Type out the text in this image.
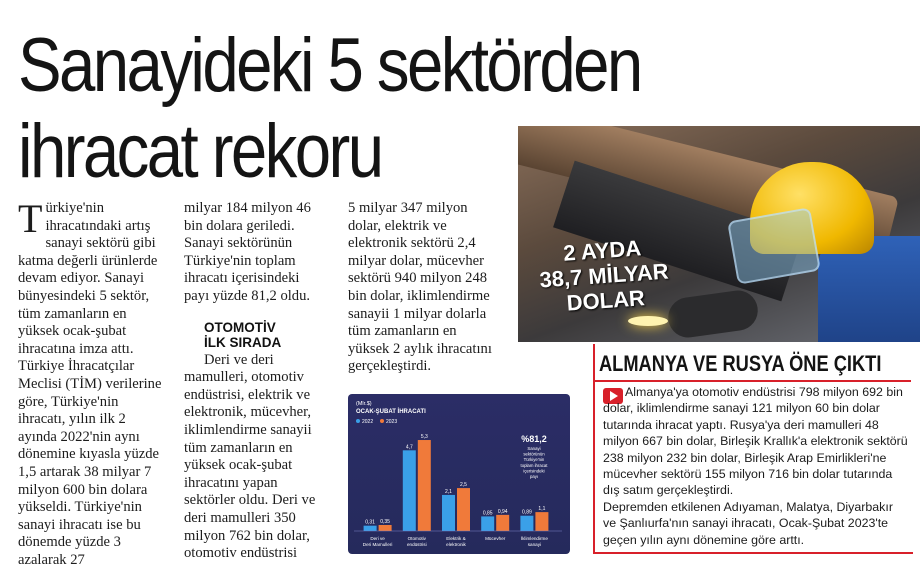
Sanayideki 5 sektörden
ihracat rekoru

Türkiye'nin ihracatındaki artış sanayi sektörü gibi katma değerli ürünlerde devam ediyor. Sanayi bünyesindeki 5 sektör, tüm zamanların en yüksek ocak-şubat ihracatına imza attı. Türkiye İhracatçılar Meclisi (TİM) verilerine göre, Türkiye'nin ihracatı, yılın ilk 2 ayında 2022'nin aynı dönemine kıyasla yüzde 1,5 artarak 38 milyar 7 milyon 600 bin dolara yükseldi. Türkiye'nin sanayi ihracatı ise bu dönemde yüzde 3 azalarak 27

milyar 184 milyon 46 bin dolara geriledi. Sanayi sektörünün Türkiye'nin toplam ihracatı içerisindeki payı yüzde 81,2 oldu.

OTOMOTİV
İLK SIRADA

Deri ve deri mamulleri, otomotiv endüstrisi, elektrik ve elektronik, mücevher, iklimlendirme sanayii tüm zamanların en yüksek ocak-şubat ihracatını yapan sektörler oldu. Deri ve deri mamulleri 350 milyon 762 bin dolar, otomotiv endüstrisi

5 milyar 347 milyon dolar, elektrik ve elektronik sektörü 2,4 milyar dolar, mücevher sektörü 940 milyon 248 bin dolar, iklimlendirme sanayii 1 milyar dolarla tüm zamanların en yüksek 2 aylık ihracatını gerçekleştirdi.

2 AYDA
38,7 MİLYAR
DOLAR
ALMANYA VE RUSYA ÖNE ÇIKTI

Almanya'ya otomotiv endüstrisi 798 milyon 692 bin dolar, iklimlendirme sanayi 121 milyon 60 bin dolar tutarında ihracat yaptı. Rusya'ya deri mamulleri 48 milyon 667 bin dolar, Birleşik Krallık'a elektronik sektörü 238 milyon 232 bin dolar, Birleşik Arap Emirlikleri'ne mücevher sektörü 155 milyon 716 bin dolar tutarında dış satım gerçekleştirdi.

Depremden etkilenen Adıyaman, Malatya, Diyarbakır ve Şanlıurfa'nın sanayi ihracatı, Ocak-Şubat 2023'te geçen yılın aynı dönemine göre arttı.

(Mlr.$)
OCAK-ŞUBAT İHRACATI
2022	2023
0,31 0,35
Deri ve
Deri Mamulleri
4,7
5,3
Otomotiv
endüstrisi
2,1
2,5
Elektrik &
elektronik
0,85 0,94
Mücevher
0,89
1,1
İklimlendirme
sanayi
%81,2
Sanayi
sektörünün
Türkiye'nin
toplam ihracat
içerisindeki
payı
